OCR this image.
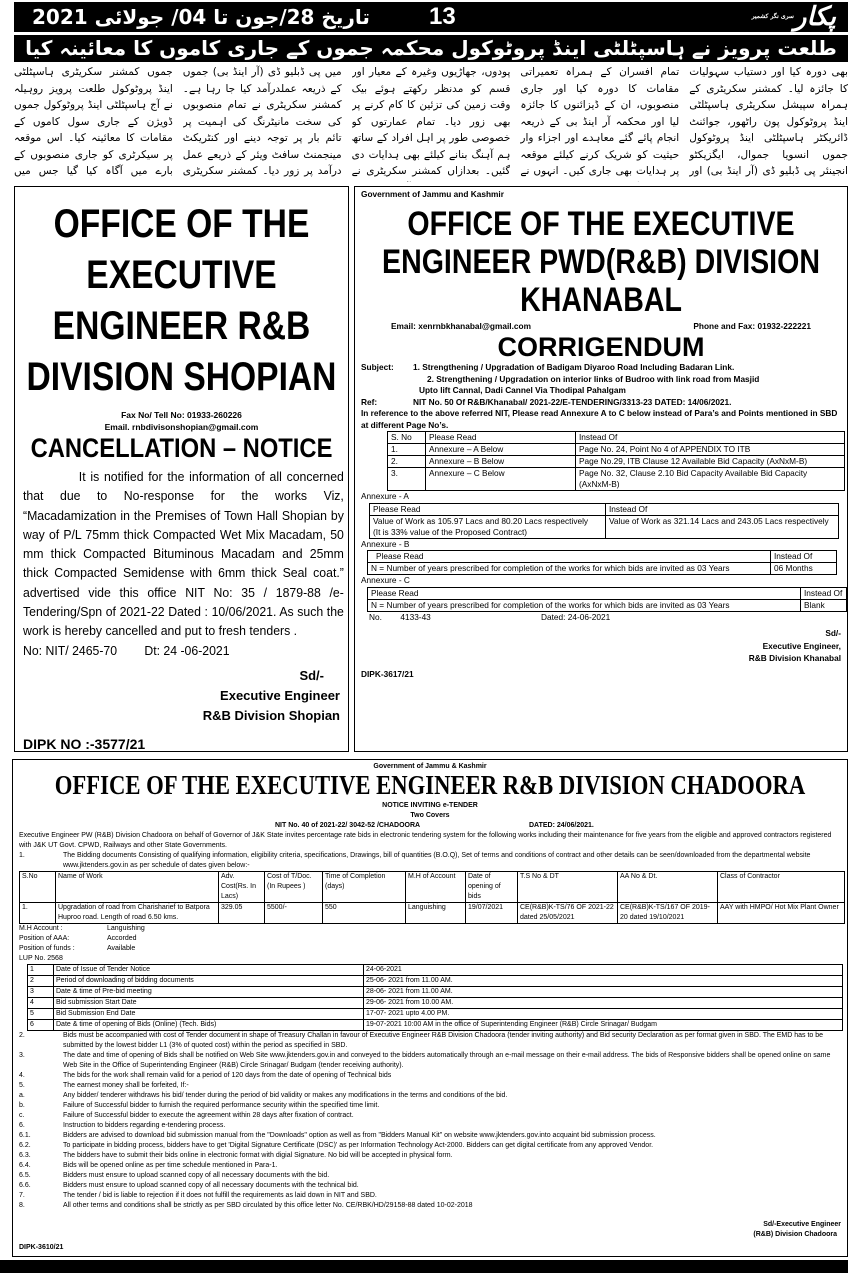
تاریخ 28/جون تا 04/ جولائی 2021 13	پکار$^{سری نگر کشمیر}$
طلعت پرویز نے ہاسپٹلٹی اینڈ پروٹوکول محکمہ جموں کے جاری کاموں کا معائینہ کیا

جموں کمشنر سکریٹری ہاسپٹلٹی اینڈ پروٹوکول طلعت پرویز روہیلہ نے آج ہاسپٹلٹی اینڈ پروٹوکول جموں ڈویژن کے جاری سول کاموں کے مقامات کا معائینہ کیا۔ اس موقعہ پر سیکرٹری کو جاری منصوبوں کے بارے میں آگاہ کیا گیا جس میں

میں پی ڈبلیو ڈی (آر اینڈ بی) جموں کے ذریعہ عملدرآمد کیا جا رہا ہے۔ کمشنر سکریٹری نے تمام منصوبوں کی سخت مانیٹرنگ کی اہمیت پر تائم بار پر توجہ دینے اور کنٹریکٹ مینجمنٹ سافٹ ویئر کے ذریعے عمل درآمد پر زور دیا۔ کمشنر سکریٹری

پودوں، جھاڑیوں وغیرہ کے معیار اور قسم کو مدنظر رکھتے ہوئے بیک وقت زمین کی تزئین کا کام کرنے پر بھی زور دیا۔ تمام عمارتوں کو خصوصی طور پر اہل افراد کے ساتھ ہم آہنگ بنانے کیلئے بھی ہدایات دی گئیں۔ بعدازاں کمشنر سکریٹری نے

تمام افسران کے ہمراہ تعمیراتی مقامات کا دورہ کیا اور جاری منصوبوں، ان کے ڈیزائنوں کا جائزہ لیا اور محکمہ آر اینڈ بی کے ذریعہ انجام پائے گئے معاہدے اور اجزاء وار حیثیت کو شریک کرنے کیلئے موقعہ پر ہدایات بھی جاری کیں۔ انہوں نے

بھی دورہ کیا اور دستیاب سہولیات کا جائزہ لیا۔ کمشنر سکریٹری کے ہمراہ سپیشل سکریٹری ہاسپٹلٹی اینڈ پروٹوکول پون راٹھور، جوائنٹ ڈائریکٹر ہاسپٹلٹی اینڈ پروٹوکول جموں انسویا جموال، ایگزیکٹو انجینئر پی ڈبلیو ڈی (آر اینڈ بی) اور

OFFICE OF THE
EXECUTIVE
ENGINEER R&B
DIVISION SHOPIAN
Fax No/ Tell No: 01933-260226
Email. rnbdivisonshopian@gmail.com
CANCELLATION – NOTICE
It is notified for the information of all concerned that due to No-response for the works Viz, “Macadamization in the Premises of Town Hall Shopian by way of P/L 75mm thick Compacted Wet Mix Macadam, 50 mm thick Compacted Bituminous Macadam and 25mm thick Compacted Semidense with 6mm thick Seal coat.” advertised vide this office NIT No: 35 / 1879-88 /e-Tendering/Spn of 2021-22 Dated : 10/06/2021. As such the work is hereby cancelled and put to fresh tenders .
No: NIT/ 2465-70 Dt: 24 -06-2021
Sd/-
Executive Engineer
R&B Division Shopian
DIPK NO :-3577/21
Government of Jammu and Kashmir
OFFICE OF THE EXECUTIVE
ENGINEER PWD(R&B) DIVISION
KHANABAL
Email: xenrnbkhanabal@gmail.com	Phone and Fax: 01932-222221
CORRIGENDUM
Subject:	1. Strengthening / Upgradation of Badigam Diyaroo Road Including Badaran Link.
2. Strengthening / Upgradation on interior links of Budroo with link road from Masjid
Upto lift Cannal, Dadi Cannel Via Thodipal Pahalgam
Ref:	NIT No. 50 Of R&B/Khanabal/ 2021-22/E-TENDERING/3313-23 DATED: 14/06/2021.
In reference to the above referred NIT, Please read Annexure A to C below instead of Para’s and Points mentioned in SBD at different Page No’s.
S. No	Please Read	Instead Of
1.	Annexure – A Below	Page No. 24, Point No 4 of APPENDIX TO ITB
2.	Annexure – B Below	Page No.29, ITB Clause 12 Available Bid Capacity (AxNxM-B)
3.	Annexure – C Below	Page No. 32, Clause 2.10 Bid Capacity Available Bid Capacity (AxNxM-B)
Annexure - A
Please Read	Instead Of

Value of Work as 105.97 Lacs and 80.20 Lacs respectively
(It is 33% value of the Proposed Contract)	Value of Work as 321.14 Lacs and 243.05 Lacs respectively
Annexure - B
Please Read	Instead Of
N = Number of years prescribed for completion of the works for which bids are invited as 03 Years	06 Months
Annexure - C
Please Read	Instead Of
N = Number of years prescribed for completion of the works for which bids are invited as 03 Years	Blank
No.        4133-43	Dated: 24-06-2021
Sd/-
Executive Engineer,
R&B Division Khanabal
DIPK-3617/21
Government of Jammu & Kashmir
OFFICE OF THE EXECUTIVE ENGINEER R&B DIVISION CHADOORA
NOTICE INVITING e-TENDER
Two Covers
NIT No. 40 of 2021-22/ 3042-52 /CHADOORA	DATED: 24/06/2021.
Executive Engineer PW (R&B) Division Chadoora on behalf of Governor of J&K State invites percentage rate bids in electronic tendering system for the following works including their maintenance for five years from the eligible and approved contractors registered with J&K UT Govt. CPWD, Railways and other State Governments.
1.	The Bidding documents Consisting of qualifying information, eligibility criteria, specifications, Drawings, bill of quantities (B.O.Q), Set of terms and conditions of contract and other details can be seen/downloaded from the departmental website www.jktenders.gov.in as per schedule of dates given below:-
S.No	Name of Work	Adv. Cost(Rs. In Lacs)	Cost of T/Doc. (In Rupees )	Time of Completion (days)	M.H of Account	Date of opening of bids	T.S No & DT	AA No & Dt.	Class of Contractor
1.	Upgradation of road from Charisharief to Batpora Huproo road. Length of road 6.50 kms.	329.05	5500/-	550	Languishing	19/07/2021	CE(R&B)K-TS/76 OF 2021-22 dated 25/05/2021	CE(R&B)K-TS/167 OF 2019-20 dated 19/10/2021	AAY with HMPO/ Hot Mix Plant Owner
M.H Account :	Languishing
Position of AAA:	Accorded
Position of funds :	Available
LUP No. 2568
1	Date of Issue of Tender Notice	24-06-2021
2	Period of downloading of bidding documents	25-06- 2021 from 11.00 AM.
3	Date & time of Pre-bid meeting	28-06- 2021 from 11.00 AM.
4	Bid submission Start Date	29-06- 2021 from 10.00 AM.
5	Bid Submission End Date	17-07- 2021 upto 4.00 PM.
6	Date & time of opening of Bids (Online) (Tech. Bids)	19-07-2021 10:00 AM in the office of Superintending Engineer (R&B) Circle Srinagar/ Budgam
2.	Bids must be accompanied with cost of Tender document in shape of Treasury Challan in favour of Executive Engineer R&B Division Chadoora (tender inviting authority) and Bid security Declaration as per format given in SBD. The EMD has to be submitted by the lowest bidder L1 (3% of quoted cost) within the period as specified in SBD.
3.	The date and time of opening of Bids shall be notified on Web Site www.jktenders.gov.in and conveyed to the bidders automatically through an e-mail message on their e-mail address. The bids of Responsive bidders shall be opened online on same Web Site in the Office of Superintending Engineer (R&B) Circle Srinagar/ Budgam (tender receiving authority).
4.	The bids for the work shall remain valid for a period of 120 days from the date of opening of Technical bids
5.	The earnest money shall be forfeited, If:-
a.	Any bidder/ tenderer withdraws his bid/ tender during the period of bid validity or makes any modifications in the terms and conditions of the bid.
b.	Failure of Successful bidder to furnish the required performance security within the specified time limit.
c.	Failure of Successful bidder to execute the agreement within 28 days after fixation of contract.
6.	Instruction to bidders regarding e-tendering process.
6.1.	Bidders are advised to download bid submission manual from the "Downloads" option as well as from "Bidders Manual Kit" on website www.jktenders.gov.into acquaint bid submission process.
6.2.	To participate in bidding process, bidders have to get 'Digital Signature Certificate (DSC)' as per Information Technology Act-2000. Bidders can get digital certificate from any approved Vendor.
6.3.	The bidders have to submit their bids online in electronic format with digial Signature. No bid will be accepted in physical form.
6.4.	Bids will be opened online as per time schedule mentioned in Para-1.
6.5.	Bidders must ensure to upload scanned copy of all necessary documents with the bid.
6.6.	Bidders must ensure to upload scanned copy of all necessary documents with the technical bid.
7.	The tender / bid is liable to rejection if it does not fulfill the requirements as laid down in NIT and SBD.
8.	All other terms and conditions shall be strictly as per SBD circulated by this office letter No. CE/RBK/HD/29158-88 dated 10-02-2018
Sd/-Executive Engineer
(R&B) Division Chadoora
DIPK-3610/21
